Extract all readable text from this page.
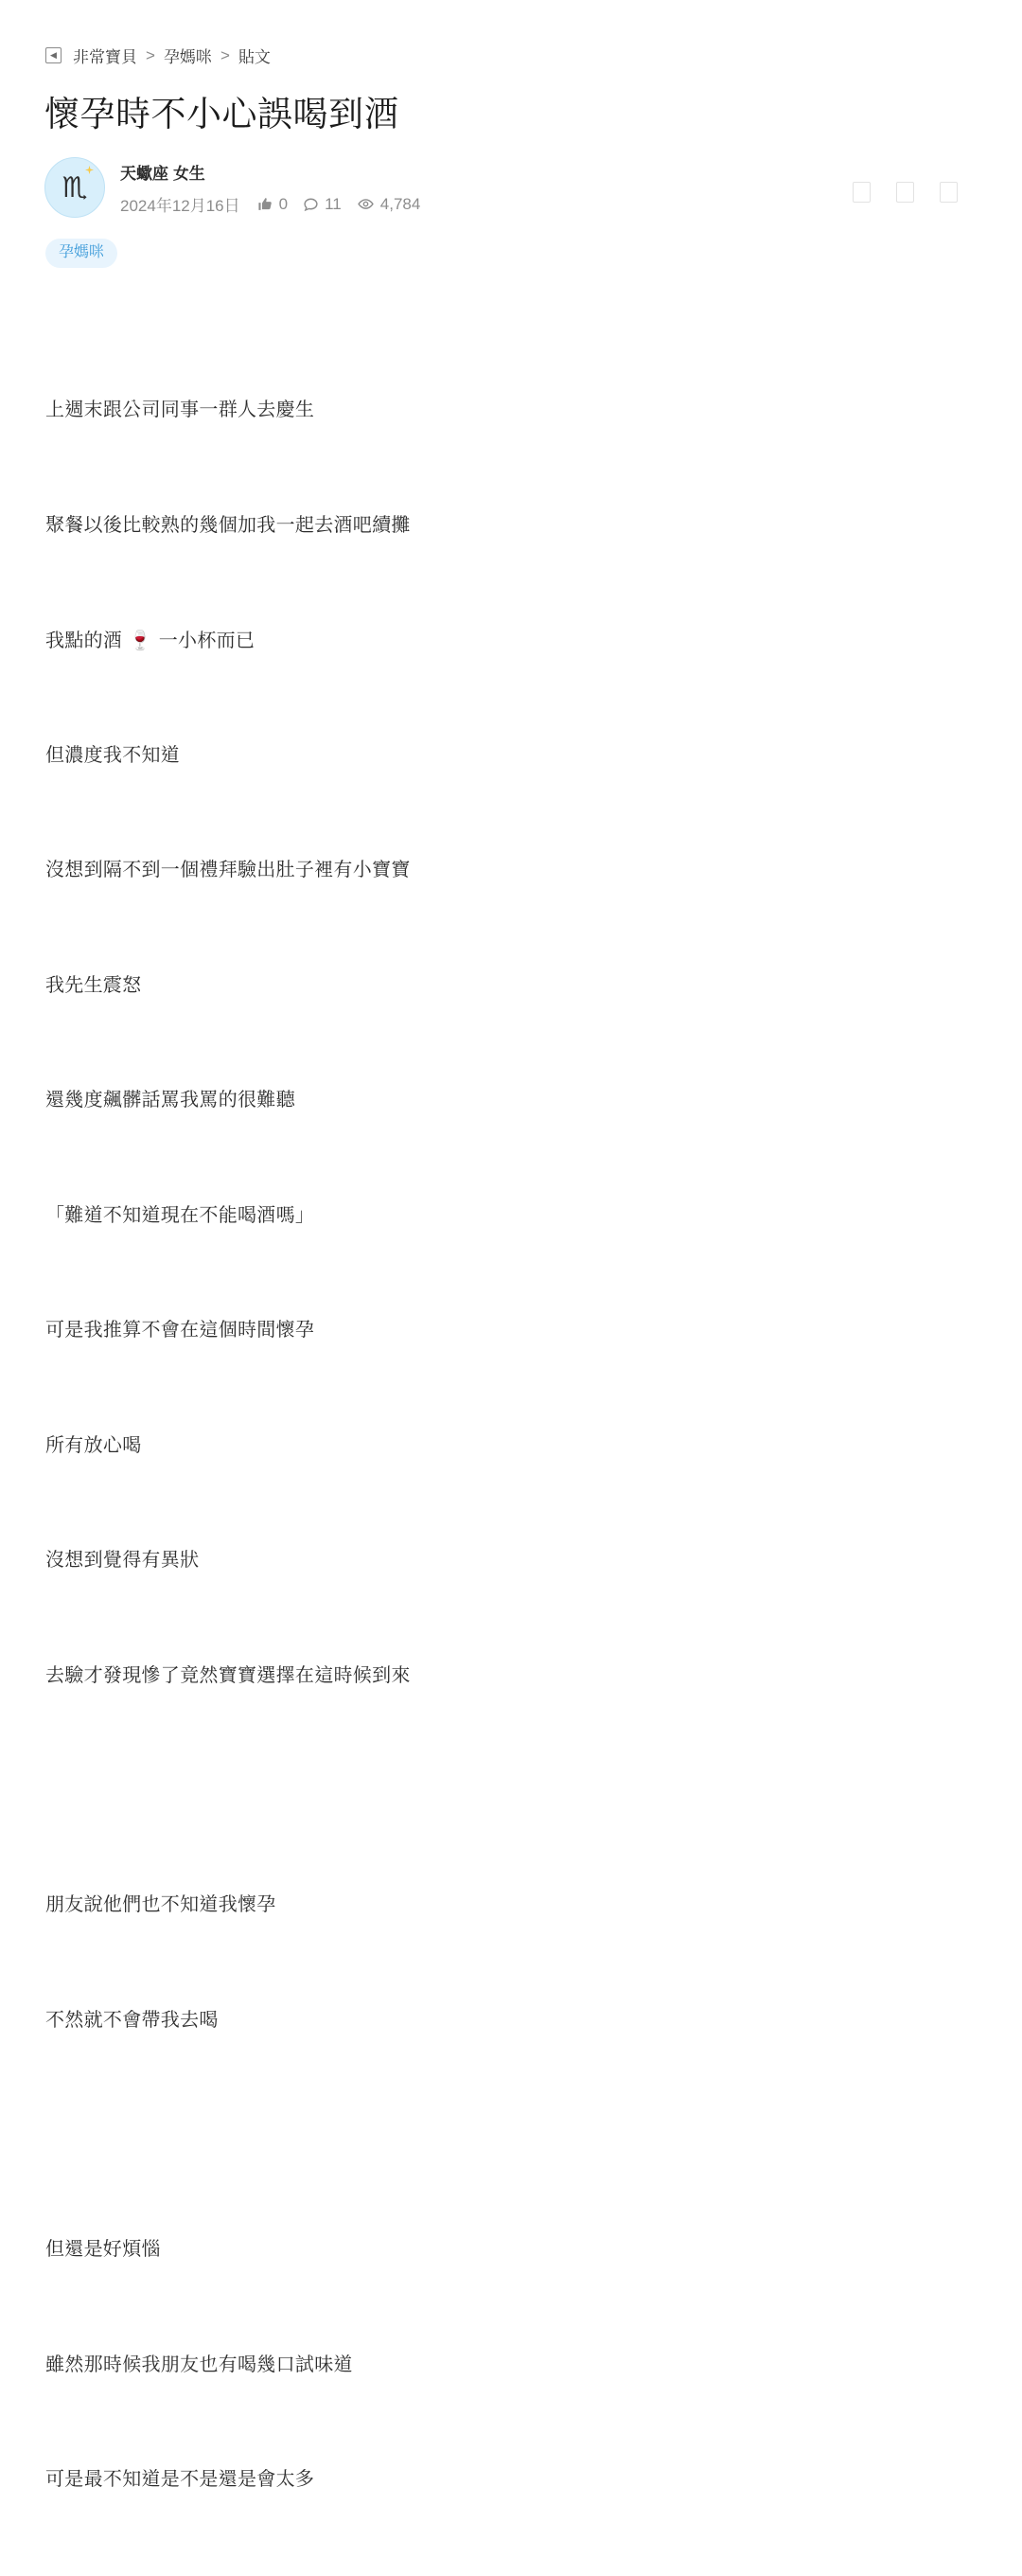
◀ 非常寶貝 > 孕媽咪 > 貼文
懷孕時不小心誤喝到酒
♏	天蠍座 女生
2024年12月16日 0 11 4,784
孕媽咪

上週末跟公司同事一群人去慶生

聚餐以後比較熟的幾個加我一起去酒吧續攤

我點的酒 🍷 一小杯而已

但濃度我不知道

沒想到隔不到一個禮拜驗出肚子裡有小寶寶

我先生震怒

還幾度飆髒話罵我罵的很難聽

「難道不知道現在不能喝酒嗎」

可是我推算不會在這個時間懷孕

所有放心喝

沒想到覺得有異狀

去驗才發現慘了竟然寶寶選擇在這時候到來

朋友說他們也不知道我懷孕

不然就不會帶我去喝

但還是好煩惱

雖然那時候我朋友也有喝幾口試味道

可是最不知道是不是還是會太多
